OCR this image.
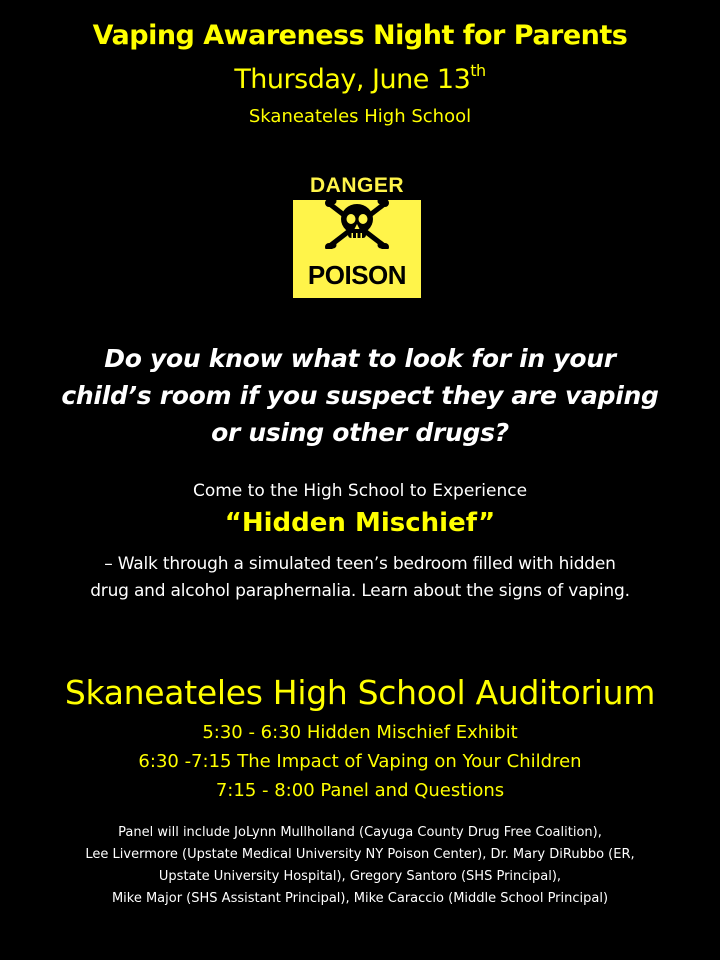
Vaping Awareness Night for Parents
Thursday, June 13th
Skaneateles High School
DANGER
POISON
Do you know what to look for in your
child’s room if you suspect they are vaping
or using other drugs?
Come to the High School to Experience
“Hidden Mischief”
– Walk through a simulated teen’s bedroom filled with hidden
drug and alcohol paraphernalia. Learn about the signs of vaping.
Skaneateles High School Auditorium
5:30 - 6:30 Hidden Mischief Exhibit
6:30 -7:15 The Impact of Vaping on Your Children
7:15 - 8:00 Panel and Questions
Panel will include JoLynn Mullholland (Cayuga County Drug Free Coalition),
Lee Livermore (Upstate Medical University NY Poison Center), Dr. Mary DiRubbo (ER,
Upstate University Hospital), Gregory Santoro (SHS Principal),
Mike Major (SHS Assistant Principal), Mike Caraccio (Middle School Principal)
